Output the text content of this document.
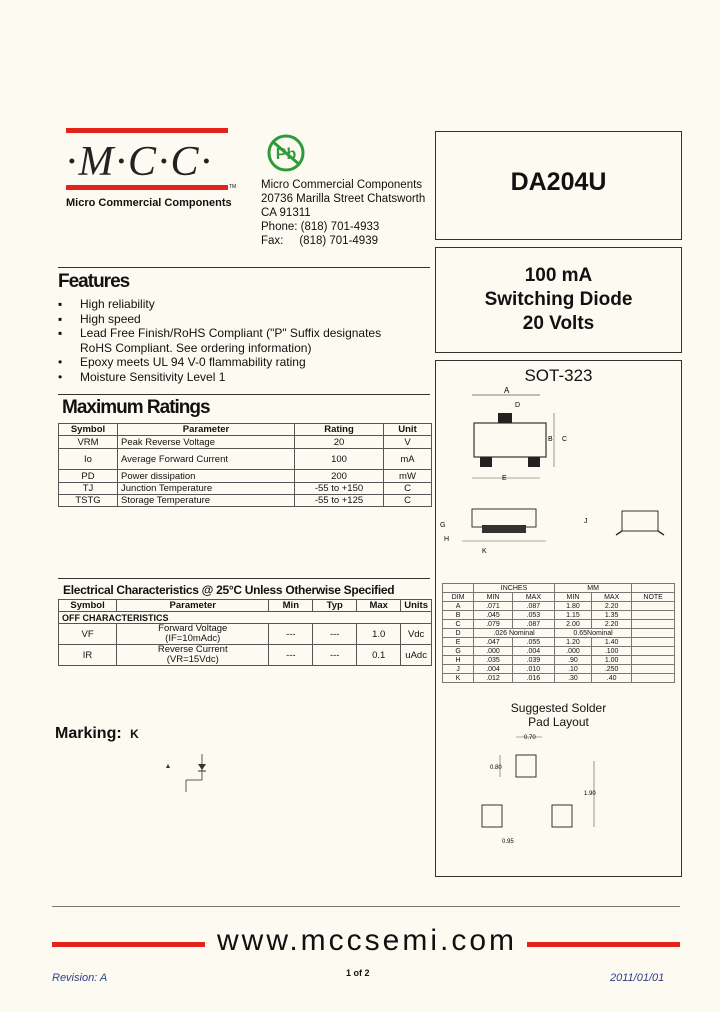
·M·C·C·
TM
Micro Commercial Components
Pb
Micro Commercial Components
20736 Marilla Street Chatsworth
CA 91311
Phone: (818) 701-4933
Fax:     (818) 701-4939
DA204U
100 mA
Switching Diode
20 Volts
SOT-323
A
D
B C
E
G
H
K
J
	INCHES		MM		
DIM	MIN	MAX	MIN	MAX	NOTE
A	.071	.087	1.80	2.20	
B	.045	.053	1.15	1.35	
C	.079	.087	2.00	2.20	
D	.026 Nominal		0.65Nominal		
E	.047	.055	1.20	1.40	
G	.000	.004	.000	.100	
H	.035	.039	.90	1.00	
J	.004	.010	.10	.250	
K	.012	.016	.30	.40	
Suggested Solder
Pad Layout
0.70
0.80
1.90
0.95
Features
▪	High reliability
▪	High speed
▪	Lead Free Finish/RoHS Compliant ("P" Suffix designates
RoHS Compliant. See ordering information)
•	Epoxy meets UL 94 V-0 flammability rating
•	Moisture Sensitivity Level 1
Maximum Ratings
Symbol	Parameter	Rating	Unit
VRM	Peak Reverse Voltage	20	V
Io	Average Forward Current	100	mA
PD	Power dissipation	200	mW
TJ	Junction Temperature	-55 to +150	C
TSTG	Storage Temperature	-55 to +125	C
Electrical Characteristics @ 25°C Unless Otherwise Specified
Symbol	Parameter	Min	Typ	Max	Units
OFF CHARACTERISTICS					
VF	Forward Voltage
(IF=10mAdc)	---	---	1.0	Vdc
IR	Reverse Current
(VR=15Vdc)	---	---	0.1	uAdc
Marking: K
www.mccsemi.com
Revision: A	1 of 2	2011/01/01
